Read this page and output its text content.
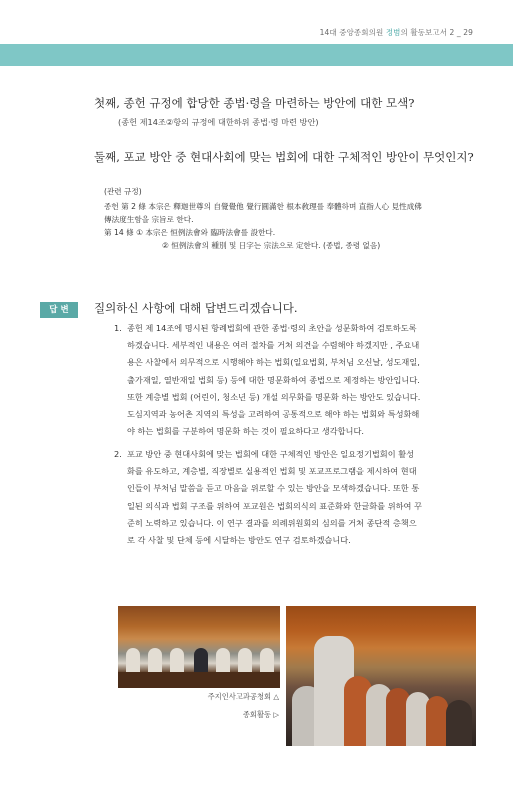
14대 중앙종회의원 정범의 활동보고서 2 _ 29
첫째, 종헌 규정에 합당한 종법·령을 마련하는 방안에 대한 모색?
(종헌 제14조②항의 규정에 대한하위 종법·령 마련 방안)
둘째, 포교 방안 중 현대사회에 맞는 법회에 대한 구체적인 방안이 무엇인지?
(관련 규정)
종헌 第 2 條 本宗은 釋迦世尊의 自覺覺他 覺行圓滿한 根本敎理를 奉體하며 直指人心 見性成佛
傳法度生함을 宗旨로 한다.
第 14 條 ① 本宗은 恒例法會와 臨時法會를 設한다.
② 恒例法會의 種別 및 日字는 宗法으로 定한다. (종법, 종령 없음)
답 변	질의하신 사항에 대해 답변드리겠습니다.
1. 종헌 제 14조에 명시된 항례법회에 관한 종법·령의 초안을 성문화하여 검토하도록
하겠습니다. 세부적인 내용은 여러 절차를 거쳐 의견을 수렴해야 하겠지만 , 주요내
용은 사찰에서 의무적으로 시행해야 하는 법회(일요법회, 부처님 오신날, 성도재일,
출가재일, 열반재일 법회 등) 등에 대한 명문화하여 종법으로 제정하는 방안입니다.
또한 계층별 법회 (어린이, 청소년 등) 개설 의무화를 명문화 하는 방안도 있습니다.
도심지역과 농어촌 지역의 특성을 고려하여 공통적으로 해야 하는 법회와 특성화해
야 하는 법회를 구분하여 명문화 하는 것이 필요하다고 생각합니다.
2. 포교 방안 중 현대사회에 맞는 법회에 대한 구체적인 방안은 일요정기법회이 활성
화를 유도하고, 계층별, 직장별로 실용적인 법회 및 포교프로그램을 제시하여 현대
인들이 부처님 말씀을 듣고 마음을 위로할 수 있는 방안을 모색하겠습니다. 또한 통
일된 의식과 법회 구조를 위하여 포교원은 법회의식의 표준화와 한글화를 위하여 꾸
준히 노력하고 있습니다. 이 연구 결과를 의례위원회의 심의를 거쳐 종단적 층책으
로 각 사찰 및 단체 등에 시달하는 방안도 연구 검토하겠습니다.
주지인사고과공청회 △
종회활동 ▷
